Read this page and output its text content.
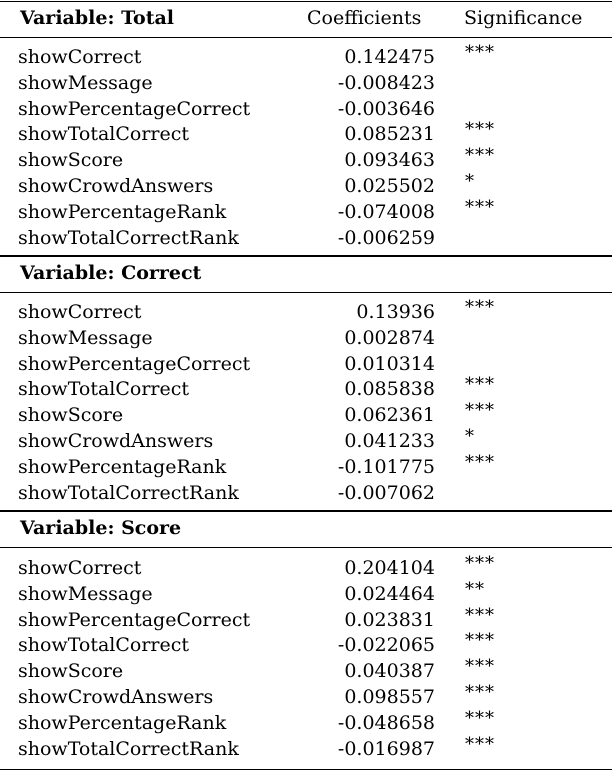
Variable: Total	Coefficients Significance
showCorrect	0.142475 ***
showMessage	-0.008423
showPercentageCorrect	-0.003646
showTotalCorrect	0.085231 ***
showScore	0.093463 ***
showCrowdAnswers	0.025502 *
showPercentageRank	-0.074008 ***
showTotalCorrectRank	-0.006259
Variable: Correct
showCorrect	0.13936 ***
showMessage	0.002874
showPercentageCorrect	0.010314
showTotalCorrect	0.085838 ***
showScore	0.062361 ***
showCrowdAnswers	0.041233 *
showPercentageRank	-0.101775 ***
showTotalCorrectRank	-0.007062
Variable: Score
showCorrect	0.204104 ***
showMessage	0.024464 **
showPercentageCorrect	0.023831 ***
showTotalCorrect	-0.022065 ***
showScore	0.040387 ***
showCrowdAnswers	0.098557 ***
showPercentageRank	-0.048658 ***
showTotalCorrectRank	-0.016987 ***
